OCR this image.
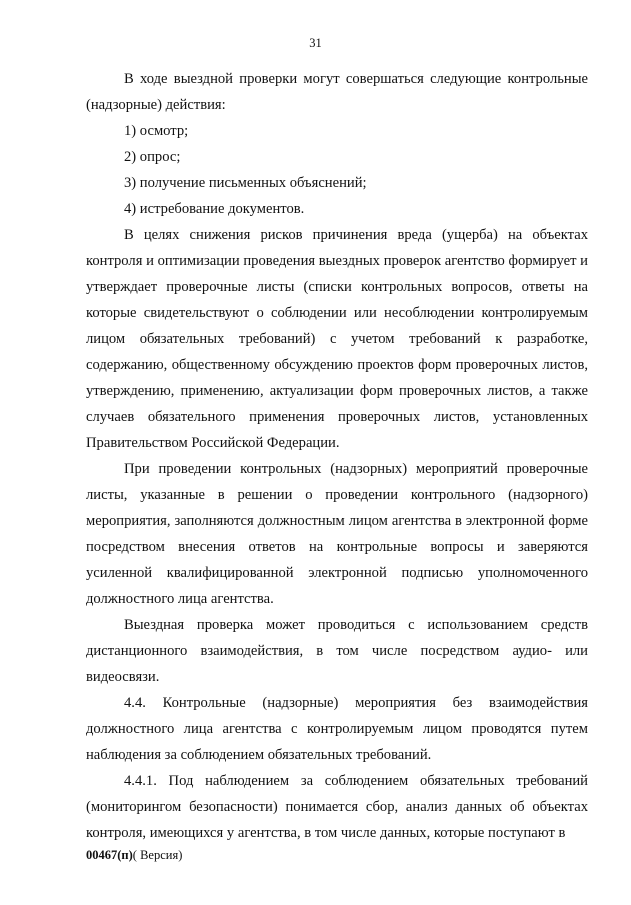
31

В ходе выездной проверки могут совершаться следующие контрольные (надзорные) действия:

1) осмотр;

2) опрос;

3) получение письменных объяснений;

4) истребование документов.

В целях снижения рисков причинения вреда (ущерба) на объектах контроля и оптимизации проведения выездных проверок агентство формирует и утверждает проверочные листы (списки контрольных вопросов, ответы на которые свидетельствуют о соблюдении или несоблюдении контролируемым лицом обязательных требований) с учетом требований к разработке, содержанию, общественному обсуждению проектов форм проверочных листов, утверждению, применению, актуализации форм проверочных листов, а также случаев обязательного применения проверочных листов, установленных Правительством Российской Федерации.

При проведении контрольных (надзорных) мероприятий проверочные листы, указанные в решении о проведении контрольного (надзорного) мероприятия, заполняются должностным лицом агентства в электронной форме посредством внесения ответов на контрольные вопросы и заверяются усиленной квалифицированной электронной подписью уполномоченного должностного лица агентства.

Выездная проверка может проводиться с использованием средств дистанционного взаимодействия, в том числе посредством аудио- или видеосвязи.

4.4. Контрольные (надзорные) мероприятия без взаимодействия должностного лица агентства с контролируемым лицом проводятся путем наблюдения за соблюдением обязательных требований.

4.4.1. Под наблюдением за соблюдением обязательных требований (мониторингом безопасности) понимается сбор, анализ данных об объектах контроля, имеющихся у агентства, в том числе данных, которые поступают в

00467(п)( Версия)
